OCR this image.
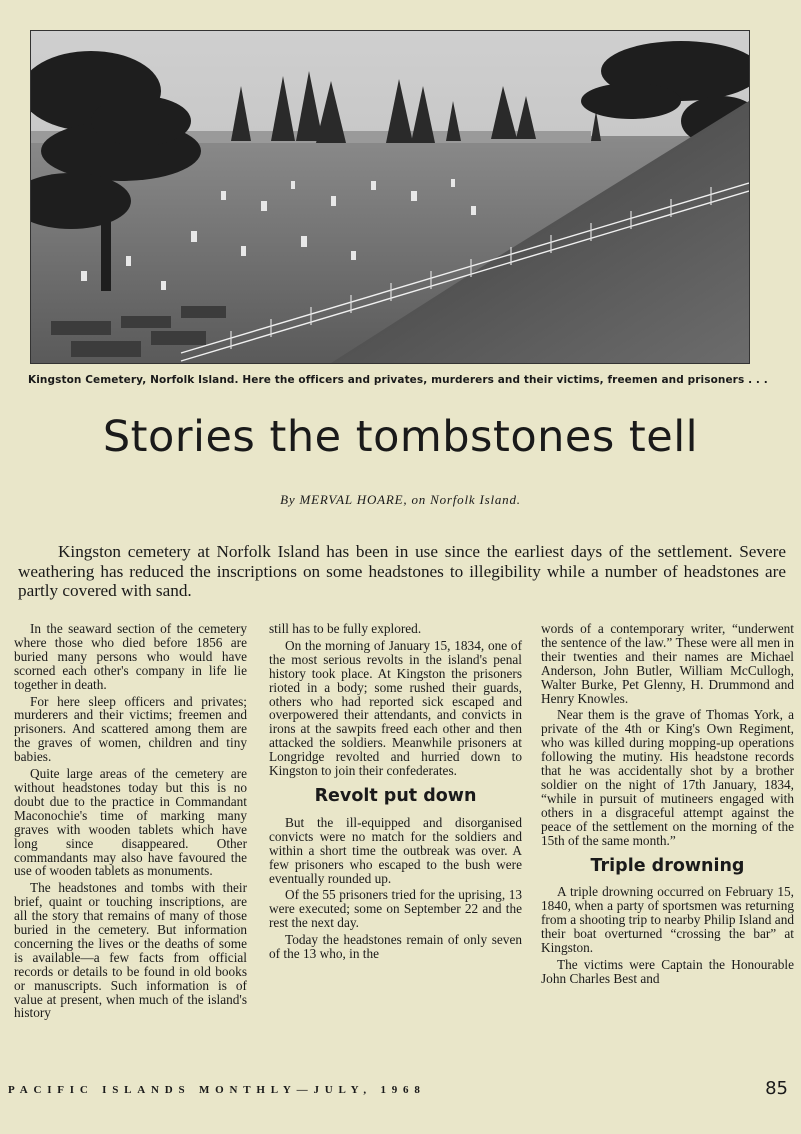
Kingston Cemetery, Norfolk Island. Here the officers and privates, murderers and their victims, freemen and prisoners . . .
Stories the tombstones tell
By MERVAL HOARE, on Norfolk Island.

Kingston cemetery at Norfolk Island has been in use since the earliest days of the settlement. Severe weathering has reduced the inscriptions on some headstones to illegibility while a number of headstones are partly covered with sand.

In the seaward section of the cemetery where those who died before 1856 are buried many persons who would have scorned each other's company in life lie together in death.

For here sleep officers and privates; murderers and their victims; freemen and prisoners. And scattered among them are the graves of women, children and tiny babies.

Quite large areas of the cemetery are without headstones today but this is no doubt due to the practice in Commandant Maconochie's time of marking many graves with wooden tablets which have long since disappeared. Other commandants may also have favoured the use of wooden tablets as monuments.

The headstones and tombs with their brief, quaint or touching inscriptions, are all the story that remains of many of those buried in the cemetery. But information concerning the lives or the deaths of some is available—a few facts from official records or details to be found in old books or manuscripts. Such information is of value at present, when much of the island's history

still has to be fully explored.

On the morning of January 15, 1834, one of the most serious revolts in the island's penal history took place. At Kingston the prisoners rioted in a body; some rushed their guards, others who had reported sick escaped and overpowered their attendants, and convicts in irons at the sawpits freed each other and then attacked the soldiers. Meanwhile prisoners at Longridge revolted and hurried down to Kingston to join their confederates.

Revolt put down

But the ill-equipped and disorganised convicts were no match for the soldiers and within a short time the outbreak was over. A few prisoners who escaped to the bush were eventually rounded up.

Of the 55 prisoners tried for the uprising, 13 were executed; some on September 22 and the rest the next day.

Today the headstones remain of only seven of the 13 who, in the

words of a contemporary writer, “underwent the sentence of the law.” These were all men in their twenties and their names are Michael Anderson, John Butler, William McCullogh, Walter Burke, Pet Glenny, H. Drummond and Henry Knowles.

Near them is the grave of Thomas York, a private of the 4th or King's Own Regiment, who was killed during mopping-up operations following the mutiny. His headstone records that he was accidentally shot by a brother soldier on the night of 17th January, 1834, “while in pursuit of mutineers engaged with others in a disgraceful attempt against the peace of the settlement on the morning of the 15th of the same month.”

Triple drowning

A triple drowning occurred on February 15, 1840, when a party of sportsmen was returning from a shooting trip to nearby Philip Island and their boat overturned “crossing the bar” at Kingston.

The victims were Captain the Honourable John Charles Best and

PACIFIC ISLANDS MONTHLY—JULY, 1968	85
